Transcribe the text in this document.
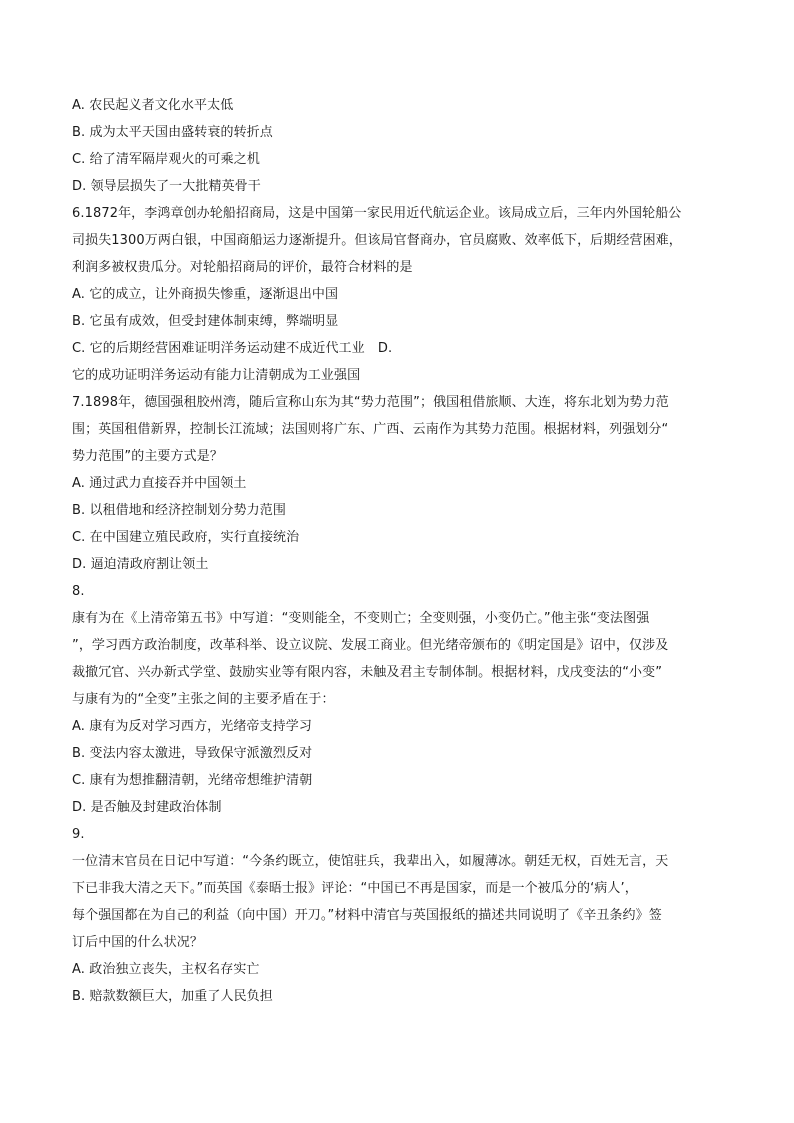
A. 农民起义者文化水平太低
B. 成为太平天国由盛转衰的转折点
C. 给了清军隔岸观火的可乘之机
D. 领导层损失了一大批精英骨干
6.1872年，李鸿章创办轮船招商局，这是中国第一家民用近代航运企业。该局成立后，三年内外国轮船公
司损失1300万两白银，中国商船运力逐渐提升。但该局官督商办，官员腐败、效率低下，后期经营困难，
利润多被权贵瓜分。对轮船招商局的评价，最符合材料的是
A. 它的成立，让外商损失惨重，逐渐退出中国
B. 它虽有成效，但受封建体制束缚，弊端明显
C. 它的后期经营困难证明洋务运动建不成近代工业　D.
它的成功证明洋务运动有能力让清朝成为工业强国
7.1898年，德国强租胶州湾，随后宣称山东为其“势力范围”；俄国租借旅顺、大连，将东北划为势力范
围；英国租借新界，控制长江流域；法国则将广东、广西、云南作为其势力范围。根据材料，列强划分“
势力范围”的主要方式是？
A. 通过武力直接吞并中国领土
B. 以租借地和经济控制划分势力范围
C. 在中国建立殖民政府，实行直接统治
D. 逼迫清政府割让领土
8.
康有为在《上清帝第五书》中写道：“变则能全，不变则亡；全变则强，小变仍亡。”他主张“变法图强
”，学习西方政治制度，改革科举、设立议院、发展工商业。但光绪帝颁布的《明定国是》诏中，仅涉及
裁撤冗官、兴办新式学堂、鼓励实业等有限内容，未触及君主专制体制。根据材料，戊戌变法的“小变”
与康有为的“全变”主张之间的主要矛盾在于：
A. 康有为反对学习西方，光绪帝支持学习
B. 变法内容太激进，导致保守派激烈反对
C. 康有为想推翻清朝，光绪帝想维护清朝
D. 是否触及封建政治体制
9.
一位清末官员在日记中写道：“今条约既立，使馆驻兵，我辈出入，如履薄冰。朝廷无权，百姓无言，天
下已非我大清之天下。”而英国《泰晤士报》评论：“中国已不再是国家，而是一个被瓜分的‘病人’，
每个强国都在为自己的利益（向中国）开刀。”材料中清官与英国报纸的描述共同说明了《辛丑条约》签
订后中国的什么状况？
A. 政治独立丧失，主权名存实亡
B. 赔款数额巨大，加重了人民负担
